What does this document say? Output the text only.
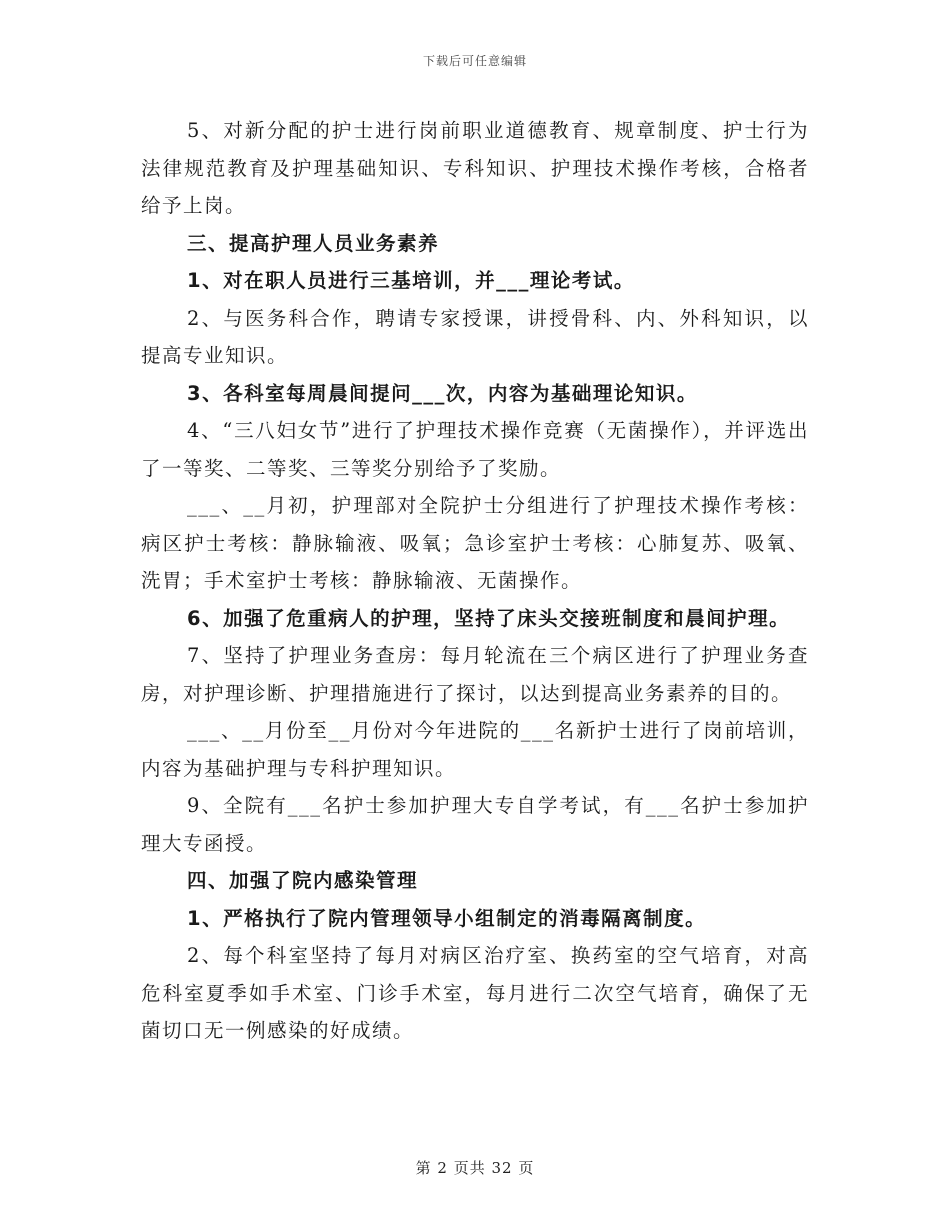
下载后可任意编辑

5、对新分配的护士进行岗前职业道德教育、规章制度、护士行为法律规范教育及护理基础知识、专科知识、护理技术操作考核，合格者给予上岗。

三、提高护理人员业务素养

1、对在职人员进行三基培训，并___理论考试。

2、与医务科合作，聘请专家授课，讲授骨科、内、外科知识，以提高专业知识。

3、各科室每周晨间提问___次，内容为基础理论知识。

4、“三八妇女节”进行了护理技术操作竞赛（无菌操作），并评选出了一等奖、二等奖、三等奖分别给予了奖励。

___、__月初，护理部对全院护士分组进行了护理技术操作考核：病区护士考核：静脉输液、吸氧；急诊室护士考核：心肺复苏、吸氧、洗胃；手术室护士考核：静脉输液、无菌操作。

6、加强了危重病人的护理，坚持了床头交接班制度和晨间护理。

7、坚持了护理业务查房：每月轮流在三个病区进行了护理业务查房，对护理诊断、护理措施进行了探讨，以达到提高业务素养的目的。

___、__月份至__月份对今年进院的___名新护士进行了岗前培训，内容为基础护理与专科护理知识。

9、全院有___名护士参加护理大专自学考试，有___名护士参加护理大专函授。

四、加强了院内感染管理

1、严格执行了院内管理领导小组制定的消毒隔离制度。

2、每个科室坚持了每月对病区治疗室、换药室的空气培育，对高危科室夏季如手术室、门诊手术室，每月进行二次空气培育，确保了无菌切口无一例感染的好成绩。

第 2 页共 32 页
